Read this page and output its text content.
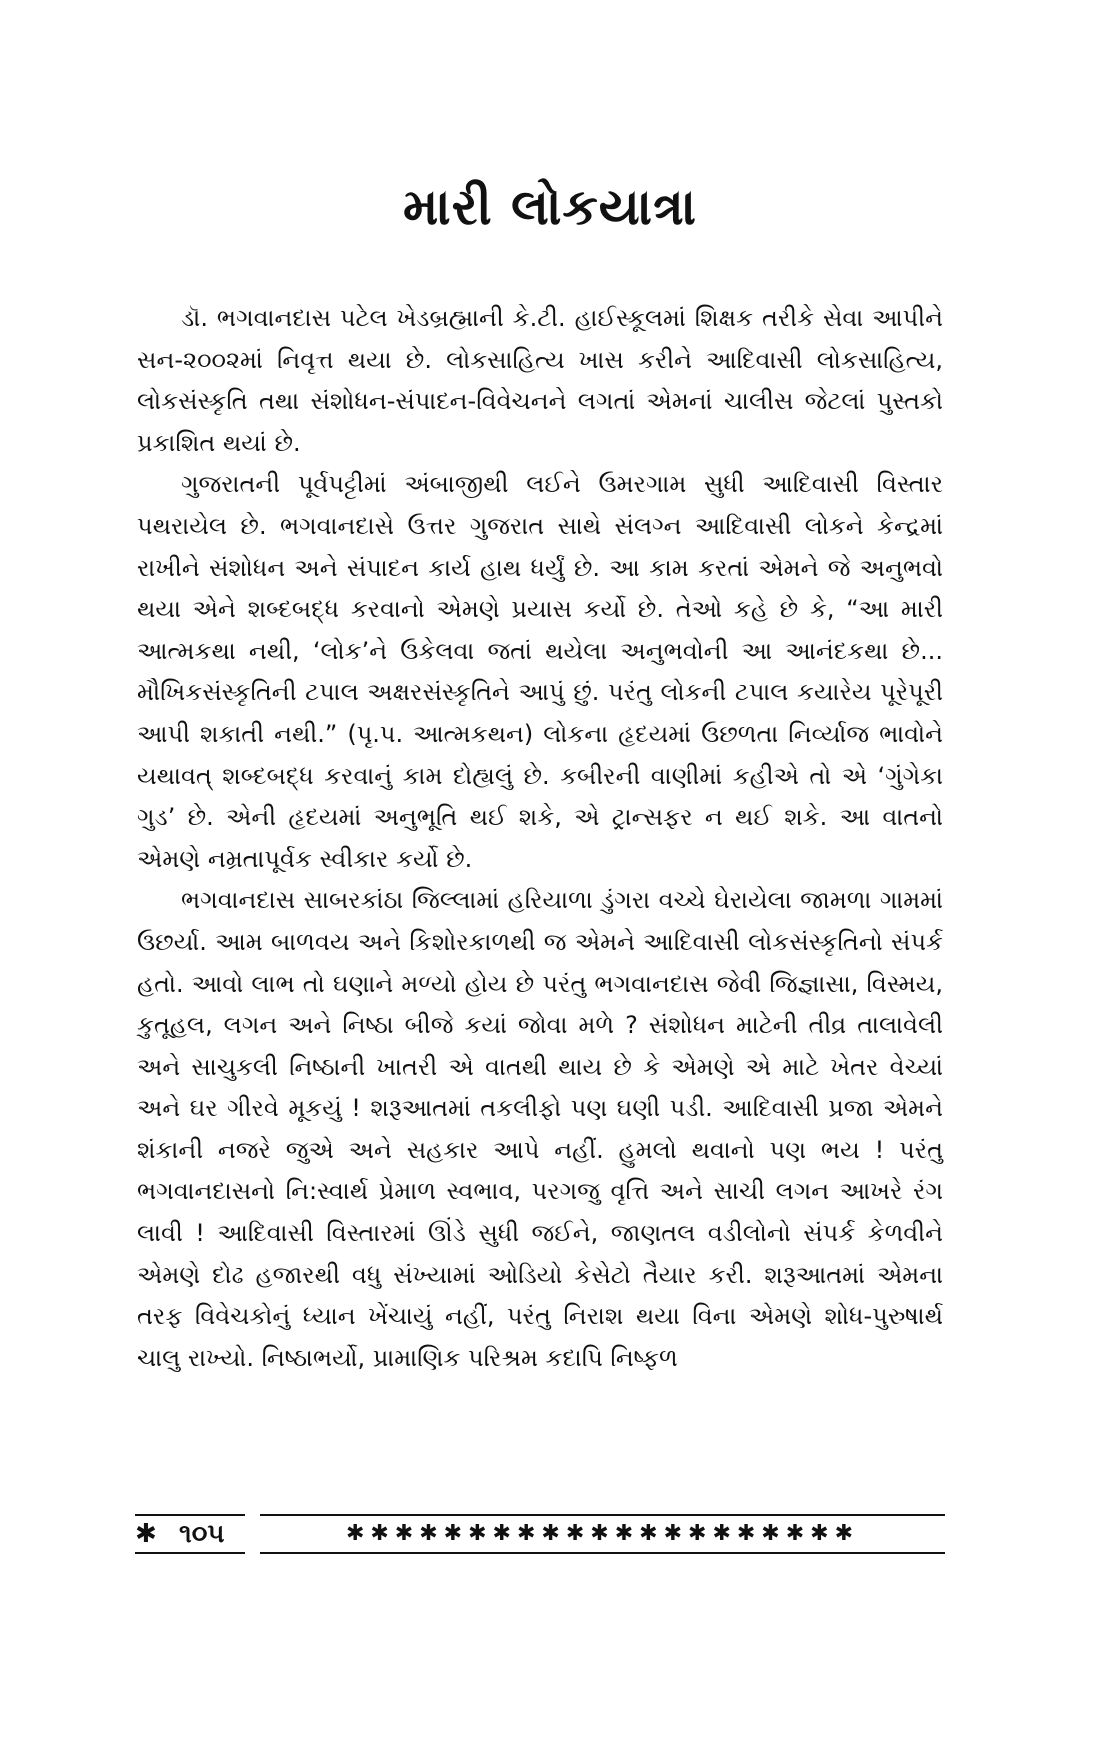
મારી લોકયાત્રા

ડૉ. ભગવાનદાસ પટેલ ખેડબ્રહ્માની કે.ટી. હાઈસ્કૂલમાં શિક્ષક તરીકે સેવા આપીને સન-૨૦૦૨માં નિવૃત્ત થયા છે. લોકસાહિત્ય ખાસ કરીને આદિવાસી લોકસાહિત્ય, લોકસંસ્કૃતિ તથા સંશોધન-સંપાદન-વિવેચનને લગતાં એમનાં ચાલીસ જેટલાં પુસ્તકો પ્રકાશિત થયાં છે.

ગુજરાતની પૂર્વપટ્ટીમાં અંબાજીથી લઈને ઉમરગામ સુધી આદિવાસી વિસ્તાર પથરાયેલ છે. ભગવાનદાસે ઉત્તર ગુજરાત સાથે સંલગ્ન આદિવાસી લોકને કેન્દ્રમાં રાખીને સંશોધન અને સંપાદન કાર્ય હાથ ધર્યું છે. આ કામ કરતાં એમને જે અનુભવો થયા એને શબ્દબદ્ધ કરવાનો એમણે પ્રયાસ કર્યો છે. તેઓ કહે છે કે, “આ મારી આત્મકથા નથી, ‘લોક’ને ઉકેલવા જતાં થયેલા અનુભવોની આ આનંદકથા છે... મૌખિકસંસ્કૃતિની ટપાલ અક્ષરસંસ્કૃતિને આપું છું. પરંતુ લોકની ટપાલ કયારેય પૂરેપૂરી આપી શકાતી નથી.” (પૃ.પ. આત્મકથન) લોકના હૃદયમાં ઉછળતા નિર્વ્યાજ ભાવોને યથાવત્ શબ્દબદ્ધ કરવાનું કામ દોહ્યલું છે. કબીરની વાણીમાં કહીએ તો એ ‘ગુંગેકા ગુડ’ છે. એની હૃદયમાં અનુભૂતિ થઈ શકે, એ ટ્રાન્સફર ન થઈ શકે. આ વાતનો એમણે નમ્રતાપૂર્વક સ્વીકાર કર્યો છે.

ભગવાનદાસ સાબરકાંઠા જિલ્લામાં હરિયાળા ડુંગરા વચ્ચે ઘેરાયેલા જામળા ગામમાં ઉછર્યા. આમ બાળવય અને કિશોરકાળથી જ એમને આદિવાસી લોકસંસ્કૃતિનો સંપર્ક હતો. આવો લાભ તો ઘણાને મળ્યો હોય છે પરંતુ ભગવાનદાસ જેવી જિજ્ઞાસા, વિસ્મય, કુતૂહલ, લગન અને નિષ્ઠા બીજે કયાં જોવા મળે ? સંશોધન માટેની તીવ્ર તાલાવેલી અને સાચુકલી નિષ્ઠાની ખાતરી એ વાતથી થાય છે કે એમણે એ માટે ખેતર વેચ્યાં અને ઘર ગીરવે મૂકયું ! શરૂઆતમાં તકલીફો પણ ઘણી પડી. આદિવાસી પ્રજા એમને શંકાની નજરે જુએ અને સહકાર આપે નહીં. હુમલો થવાનો પણ ભય ! પરંતુ ભગવાનદાસનો નિ:સ્વાર્થ પ્રેમાળ સ્વભાવ, પરગજુ વૃત્તિ અને સાચી લગન આખરે રંગ લાવી ! આદિવાસી વિસ્તારમાં ઊંડે સુધી જઈને, જાણતલ વડીલોનો સંપર્ક કેળવીને એમણે દોઢ હજારથી વધુ સંખ્યામાં ઓડિયો કેસેટો તૈયાર કરી. શરૂઆતમાં એમના તરફ વિવેચકોનું ધ્યાન ખેંચાયું નહીં, પરંતુ નિરાશ થયા વિના એમણે શોધ-પુરુષાર્થ ચાલુ રાખ્યો. નિષ્ઠાભર્યો, પ્રામાણિક પરિશ્રમ કદાપિ નિષ્ફળ

✱ ૧૦૫	✱✱✱✱✱✱✱✱✱✱✱✱✱✱✱✱✱✱✱✱✱
